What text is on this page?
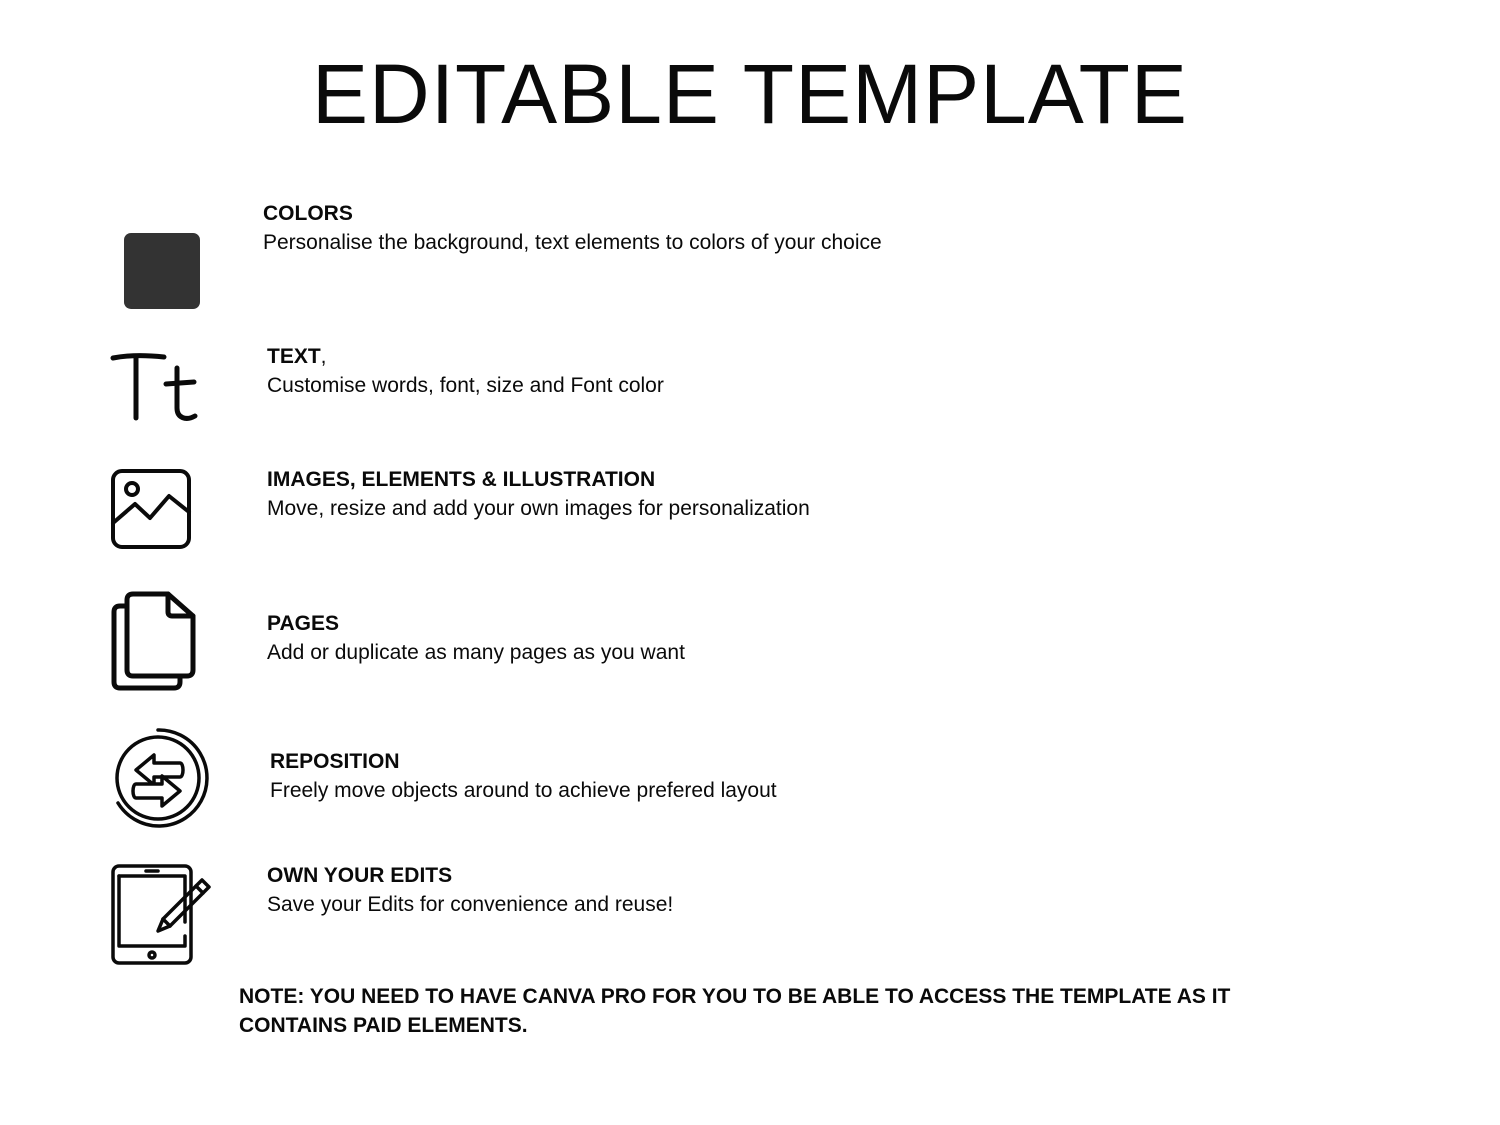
EDITABLE TEMPLATE
COLORS
Personalise the background, text elements to colors of your choice
TEXT,
Customise words, font, size and Font color
IMAGES, ELEMENTS & ILLUSTRATION
Move, resize and add your own images for personalization
PAGES
Add or duplicate as many pages as you want
REPOSITION
Freely move objects around to achieve prefered layout
OWN YOUR EDITS
Save your Edits for convenience and reuse!

NOTE: YOU NEED TO HAVE CANVA PRO FOR YOU TO BE ABLE TO ACCESS THE TEMPLATE AS IT CONTAINS PAID ELEMENTS.
